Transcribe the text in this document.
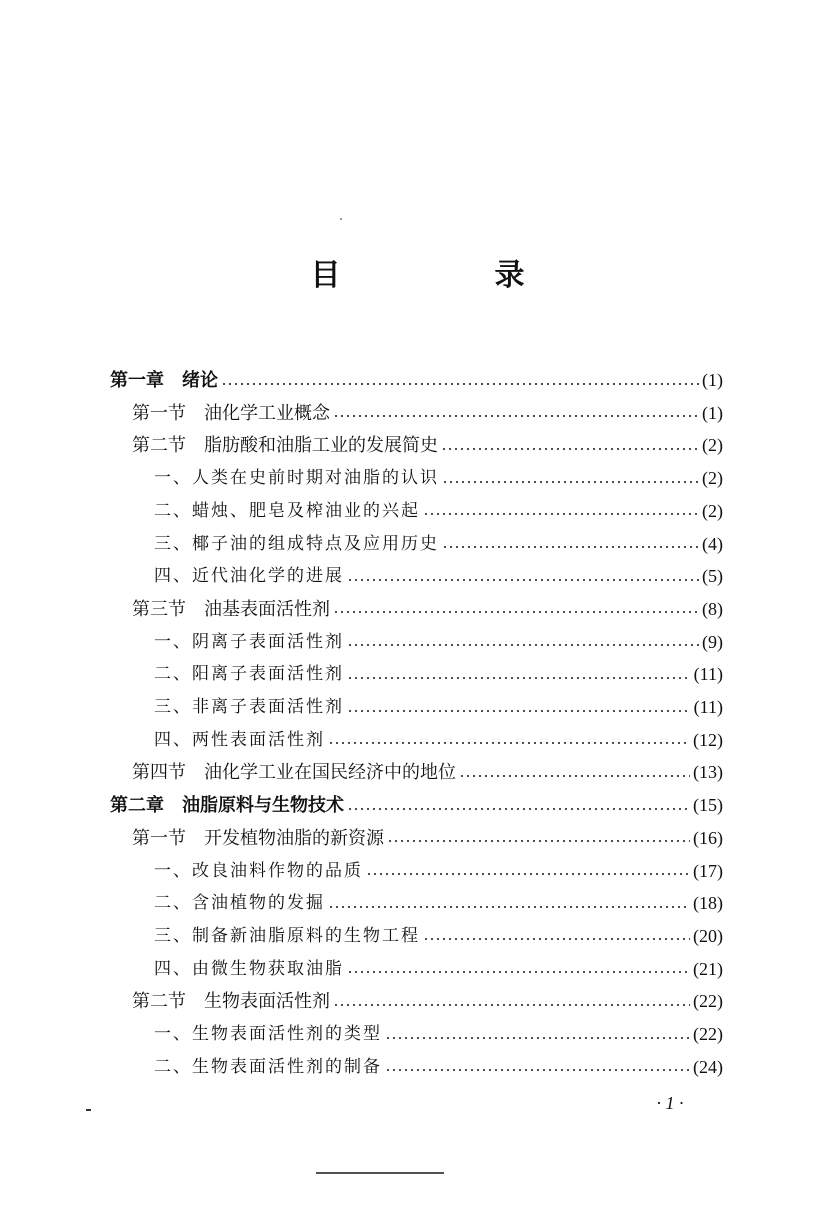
目　录
第一章　绪论	(1)
第一节　油化学工业概念	(1)
第二节　脂肪酸和油脂工业的发展简史	(2)
一、人类在史前时期对油脂的认识	(2)
二、蜡烛、肥皂及榨油业的兴起	(2)
三、椰子油的组成特点及应用历史	(4)
四、近代油化学的进展	(5)
第三节　油基表面活性剂	(8)
一、阴离子表面活性剂	(9)
二、阳离子表面活性剂	(11)
三、非离子表面活性剂	(11)
四、两性表面活性剂	(12)
第四节　油化学工业在国民经济中的地位	(13)
第二章　油脂原料与生物技术	(15)
第一节　开发植物油脂的新资源	(16)
一、改良油料作物的品质	(17)
二、含油植物的发掘	(18)
三、制备新油脂原料的生物工程	(20)
四、由微生物获取油脂	(21)
第二节　生物表面活性剂	(22)
一、生物表面活性剂的类型	(22)
二、生物表面活性剂的制备	(24)
· 1 ·
